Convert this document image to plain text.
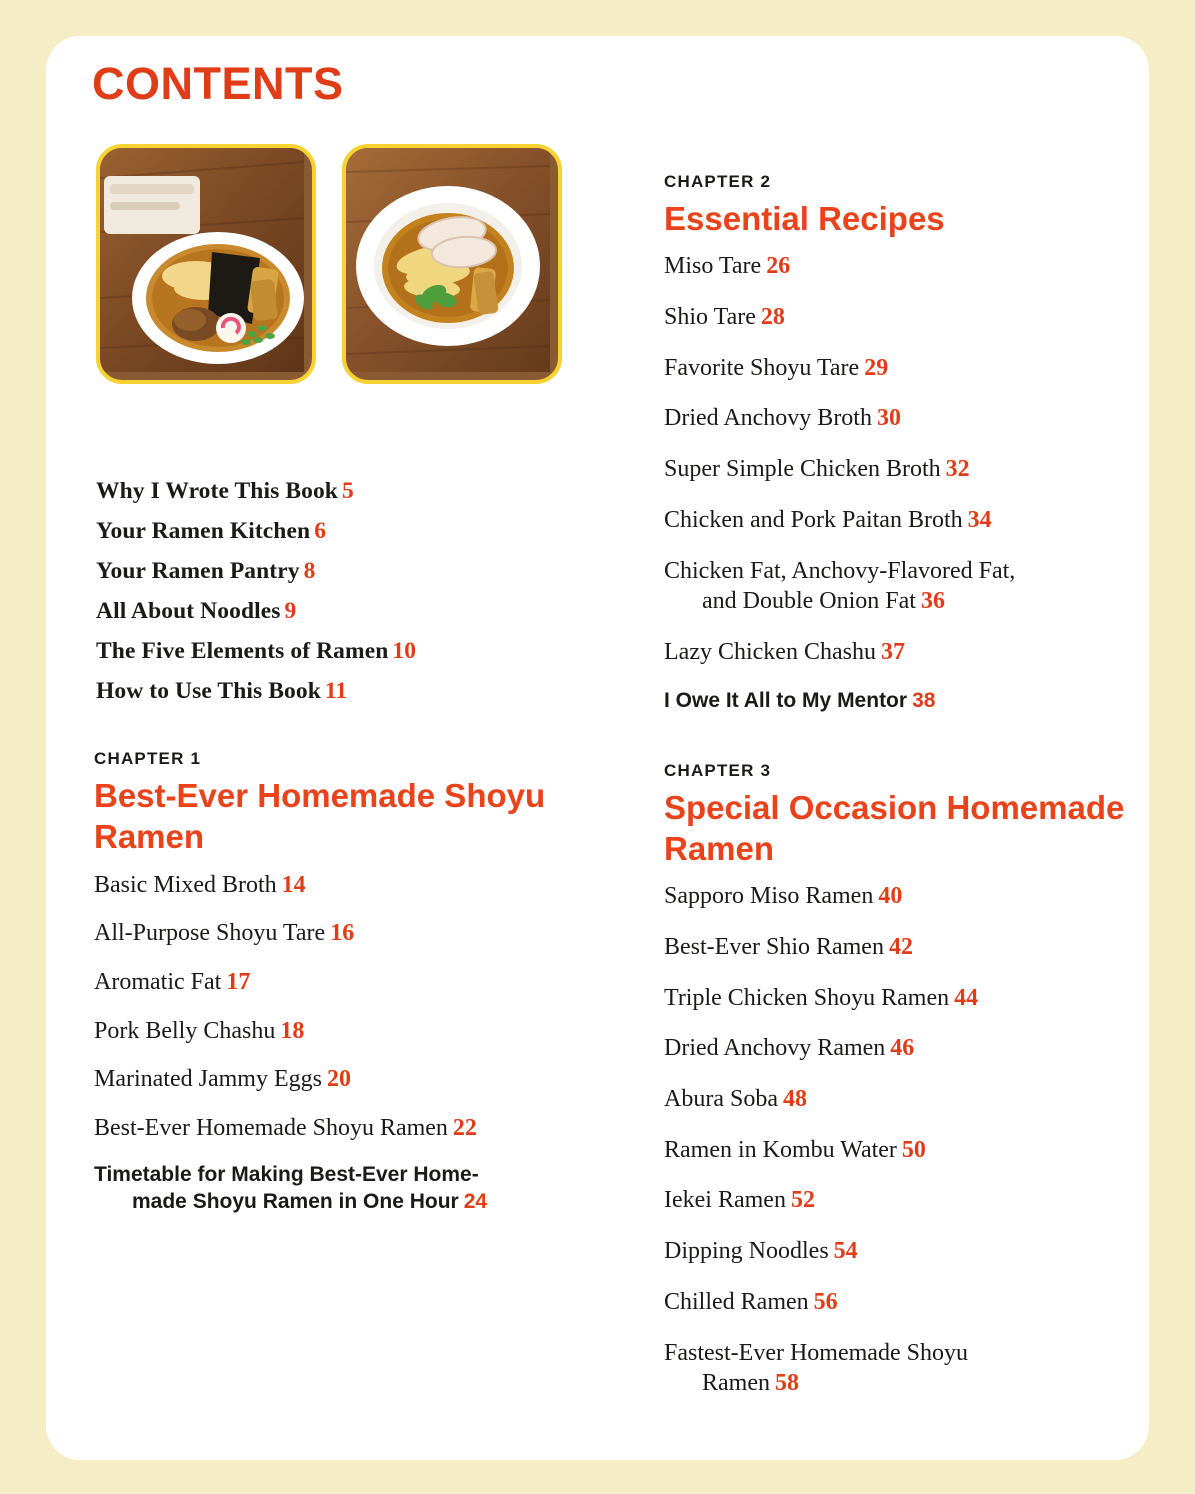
CONTENTS
Why I Wrote This Book 5
Your Ramen Kitchen 6
Your Ramen Pantry 8
All About Noodles 9
The Five Elements of Ramen 10
How to Use This Book 11
CHAPTER 1
Best-Ever Homemade Shoyu Ramen
Basic Mixed Broth 14
All-Purpose Shoyu Tare 16
Aromatic Fat 17
Pork Belly Chashu 18
Marinated Jammy Eggs 20
Best-Ever Homemade Shoyu Ramen 22
Timetable for Making Best-Ever Home-
made Shoyu Ramen in One Hour 24
CHAPTER 2
Essential Recipes
Miso Tare 26
Shio Tare 28
Favorite Shoyu Tare 29
Dried Anchovy Broth 30
Super Simple Chicken Broth 32
Chicken and Pork Paitan Broth 34
Chicken Fat, Anchovy-Flavored Fat,
and Double Onion Fat 36
Lazy Chicken Chashu 37
I Owe It All to My Mentor 38
CHAPTER 3
Special Occasion Homemade Ramen
Sapporo Miso Ramen 40
Best-Ever Shio Ramen 42
Triple Chicken Shoyu Ramen 44
Dried Anchovy Ramen 46
Abura Soba 48
Ramen in Kombu Water 50
Iekei Ramen 52
Dipping Noodles 54
Chilled Ramen 56
Fastest-Ever Homemade Shoyu
Ramen 58
